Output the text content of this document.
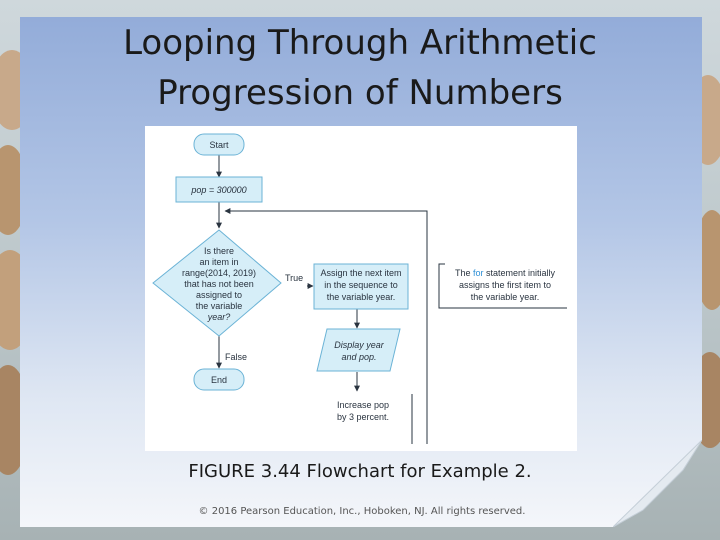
Looping Through Arithmetic
Progression of Numbers
Start
pop = 300000
Is there
an item in
range(2014, 2019)
that has not been
assigned to
the variable
year?
True
False
End
Assign the next item
in the sequence to
the variable year.
The for statement initially
assigns the first item to
the variable year.
Display year
and pop.
Increase pop
by 3 percent.
FIGURE 3.44 Flowchart for Example 2.
© 2016 Pearson Education, Inc., Hoboken, NJ. All rights reserved.
